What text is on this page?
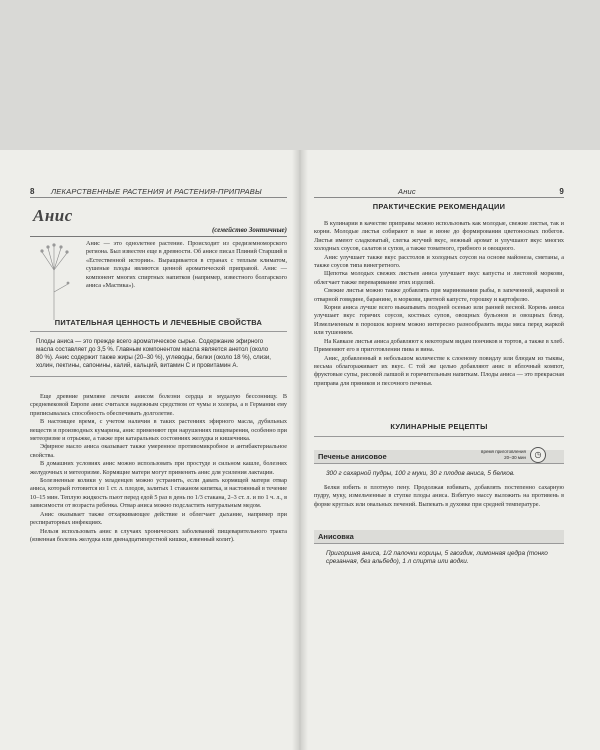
8 ЛЕКАРСТВЕННЫЕ РАСТЕНИЯ И РАСТЕНИЯ-ПРИПРАВЫ
Анис
(семейство Зонтичные)

Анис — это однолетнее растение. Происходит из средиземноморского региона. Был известен еще в древности. Об анисе писал Плиний Старший в «Естественной истории». Выращивается в странах с теплым климатом, сушеные плоды являются ценной ароматической приправой. Анис — компонент многих спиртных напитков (например, известного болгарского аниса «Мастика»).

ПИТАТЕЛЬНАЯ ЦЕННОСТЬ И ЛЕЧЕБНЫЕ СВОЙСТВА
Плоды аниса — это прежде всего ароматическое сырье. Содержание эфирного масла составляет до 3,5 %. Главным компонентом масла является анетол (около 80 %). Анис содержит также жиры (20–30 %), углеводы, белки (около 18 %), слизи, холин, пектины, сапонины, калий, кальций, витамин С и провитамин А.

Еще древние римляне лечили анисом болезни сердца и мудалую бессонницу. В средневековой Европе анис считался надежным средством от чумы и холеры, а в Германии ему приписывалась способность обеспечивать долголетие.

В настоящее время, с учетом наличия в таких растениях эфирного масла, дубильных веществ и производных кумарина, анис применяют при нарушениях пищеварения, особенно при метеоризме и отрыжке, а также при катаральных состояниях желудка и кишечника.

Эфирное масло аниса оказывает также умеренное противомикробное и антибактериальное свойства.

В домашних условиях анис можно использовать при простуде и сильном кашле, болезнях желудочных и метеоризме. Кормящие матери могут применять анис для усиления лактации.

Болезненные колики у младенцев можно устранить, если давать кормящей матери отвар аниса, который готовится из 1 ст. л. плодов, залитых 1 стаканом кипятка, и настоянный в течение 10–15 мин. Теплую жидкость пьют перед едой 5 раз в день по 1/3 стакана, 2–3 ст. л. и по 1 ч. л., в зависимости от возраста ребенка. Отвар аниса можно подсластить натуральным медом.

Анис оказывает также отхаркивающее действие и облегчает дыхание, например при респираторных инфекциях.

Нельзя использовать анис в случаях хронических заболеваний пищеварительного тракта (язвенная болезнь желудка или двенадцатиперстной кишки, язвенный колит).

Анис	9
ПРАКТИЧЕСКИЕ РЕКОМЕНДАЦИИ

В кулинарии в качестве приправы можно использовать как молодые, свежие листья, так и корни. Молодые листья собирают в мае и июне до формирования цветоносных побегов. Листья имеют сладковатый, слегка жгучий вкус, нежный аромат и улучшают вкус многих холодных соусов, салатов и супов, а также томатного, грибного и овощного.

Анис улучшает также вкус расстолов и холодных соусов на основе майонеза, сметаны, а также соусов типа винегретного.

Щепотка молодых свежих листьев аниса улучшает вкус капусты и листовой моркови, облегчает также переваривание этих изделий.

Свежие листья можно также добавлять при мариновании рыбы, в запеченной, жареной и отварной говядине, баранине, в моркови, цветной капусте, горошку и картофелю.

Корни аниса лучше всего выкапывать поздней осенью или ранней весной. Корень аниса улучшает вкус горячих соусов, костных супов, овощных бульонов и овощных блюд. Измельченным в порошок корнем можно интересно разнообразить виды мяса перед жаркой или тушением.

На Кавказе листья аниса добавляют к некоторым видам пончиков и тортов, а также в хлеб. Применяют его в приготовлении пива и вина.

Анис, добавленный в небольшом количестве к слоеному повидлу или блюдам из тыквы, весьма облагораживает их вкус. С той же целью добавляют анис в яблочный компот, фруктовые супы, рисовой лапшой и горячительным напиткам. Плоды аниса — это прекрасная приправа для пряников и песочного печенья.

КУЛИНАРНЫЕ РЕЦЕПТЫ
Печенье анисовое
время приготовления
20–30 мин	◷
300 г сахарной пудры, 100 г муки, 30 г плодов аниса, 5 белков.

Белки взбить в плотную пену. Продолжая взбивать, добавлять постепенно сахарную пудру, муку, измельченные в ступке плоды аниса. Взбитую массу выложить на противень в форме круглых или овальных печений. Выпекать в духовке при средней температуре.

Анисовка
Пригоршня аниса, 1/2 палочки корицы, 5 гвоздик, лимонная цедра (тонко срезанная, без альбедо), 1 л спирта или водки.
